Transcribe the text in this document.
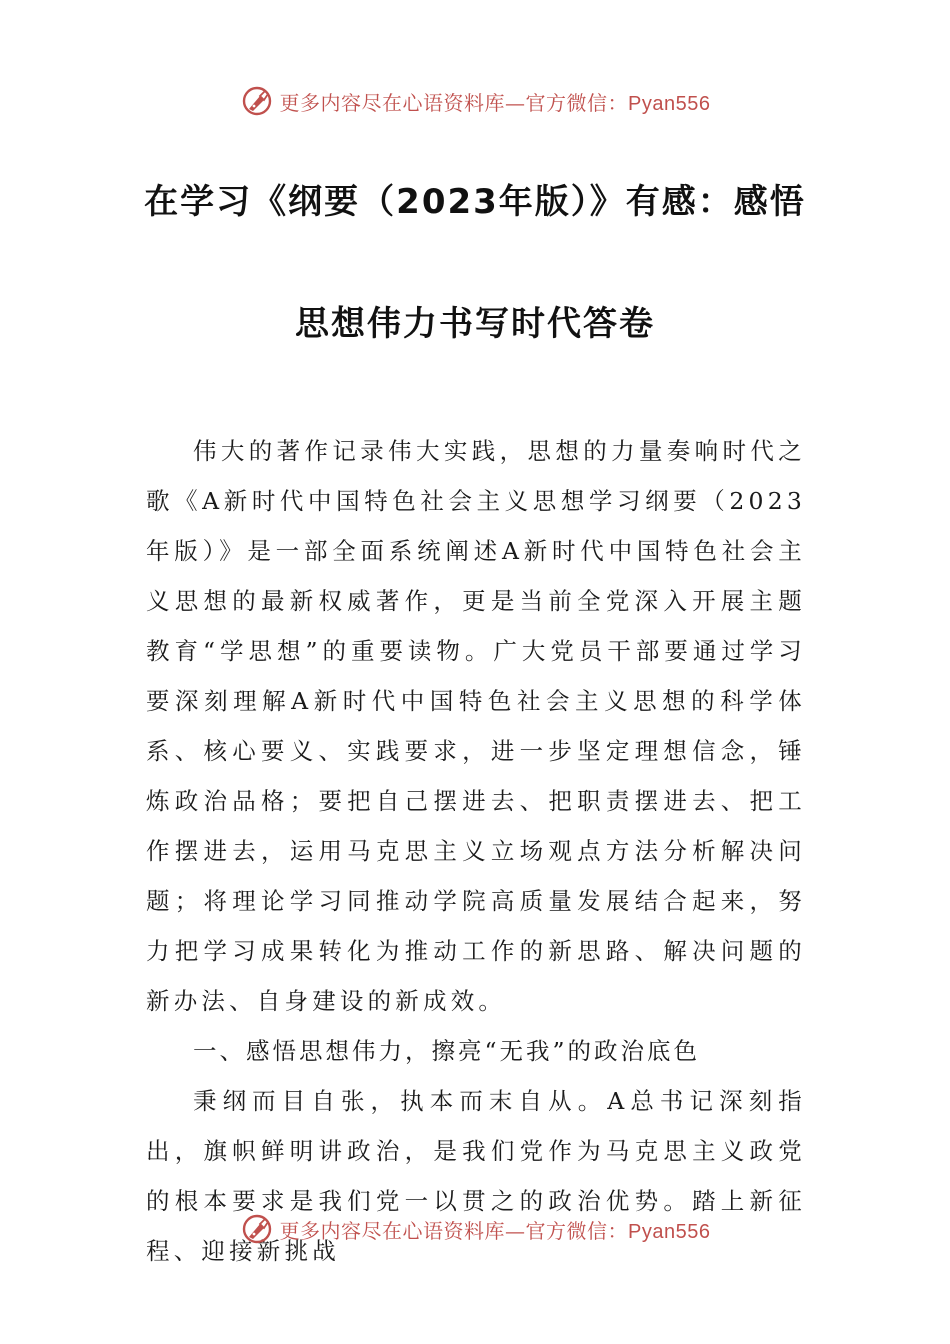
更多内容尽在心语资料库—官方微信：Pyan556
在学习《纲要（2023年版）》有感：感悟
思想伟力书写时代答卷

伟大的著作记录伟大实践，思想的力量奏响时代之歌《A新时代中国特色社会主义思想学习纲要（2023年版）》是一部全面系统阐述A新时代中国特色社会主义思想的最新权威著作，更是当前全党深入开展主题教育“学思想”的重要读物。广大党员干部要通过学习要深刻理解A新时代中国特色社会主义思想的科学体系、核心要义、实践要求，进一步坚定理想信念，锤炼政治品格；要把自己摆进去、把职责摆进去、把工作摆进去，运用马克思主义立场观点方法分析解决问题；将理论学习同推动学院高质量发展结合起来，努力把学习成果转化为推动工作的新思路、解决问题的新办法、自身建设的新成效。

一、感悟思想伟力，擦亮“无我”的政治底色

秉纲而目自张，执本而末自从。A总书记深刻指出，旗帜鲜明讲政治，是我们党作为马克思主义政党的根本要求是我们党一以贯之的政治优势。踏上新征程、迎接新挑战

更多内容尽在心语资料库—官方微信：Pyan556
